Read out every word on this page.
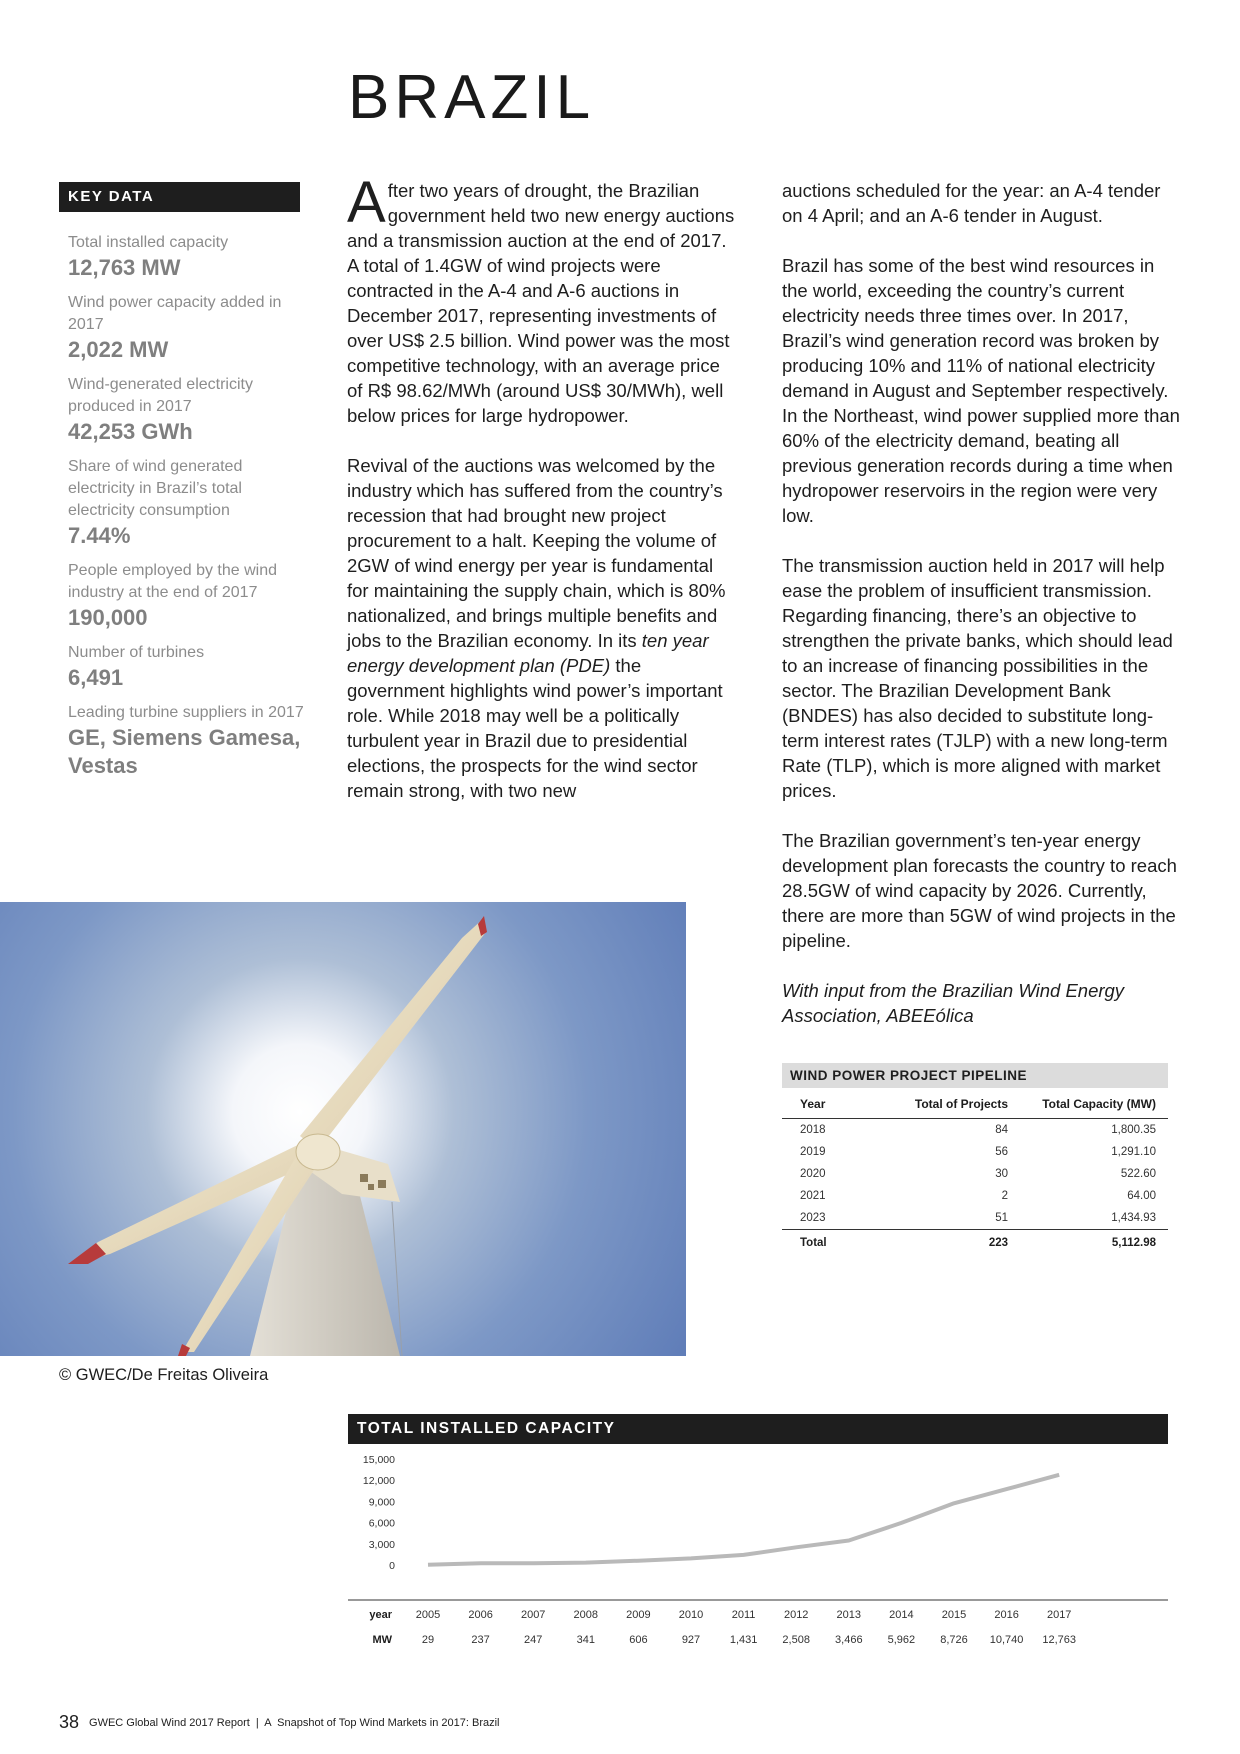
BRAZIL
KEY DATA
Total installed capacity
12,763 MW
Wind power capacity added in 2017
2,022 MW
Wind-generated electricity produced in 2017
42,253 GWh
Share of wind generated electricity in Brazil’s total electricity consumption
7.44%
People employed by the wind industry at the end of 2017
190,000
Number of turbines
6,491
Leading turbine suppliers in 2017
GE, Siemens Gamesa, Vestas

After two years of drought, the Brazilian government held two new energy auctions and a transmission auction at the end of 2017. A total of 1.4GW of wind projects were contracted in the A-4 and A-6 auctions in December 2017, representing investments of over US$ 2.5 billion. Wind power was the most competitive technology, with an average price of R$ 98.62/MWh (around US$ 30/MWh), well below prices for large hydropower.

Revival of the auctions was welcomed by the industry which has suffered from the country’s recession that had brought new project procurement to a halt. Keeping the volume of 2GW of wind energy per year is fundamental for maintaining the supply chain, which is 80% nationalized, and brings multiple benefits and jobs to the Brazilian economy. In its ten year energy development plan (PDE) the government highlights wind power’s important role. While 2018 may well be a politically turbulent year in Brazil due to presidential elections, the prospects for the wind sector remain strong, with two new

auctions scheduled for the year: an A-4 tender on 4 April; and an A-6 tender in August.

Brazil has some of the best wind resources in the world, exceeding the country’s current electricity needs three times over. In 2017, Brazil’s wind generation record was broken by producing 10% and 11% of national electricity demand in August and September respectively. In the Northeast, wind power supplied more than 60% of the electricity demand, beating all previous generation records during a time when hydropower reservoirs in the region were very low.

The transmission auction held in 2017 will help ease the problem of insufficient transmission. Regarding financing, there’s an objective to strengthen the private banks, which should lead to an increase of financing possibilities in the sector. The Brazilian Development Bank (BNDES) has also decided to substitute long-term interest rates (TJLP) with a new long-term Rate (TLP), which is more aligned with market prices.

The Brazilian government’s ten-year energy development plan forecasts the country to reach 28.5GW of wind capacity by 2026. Currently, there are more than 5GW of wind projects in the pipeline.

With input from the Brazilian Wind Energy Association, ABEEólica

© GWEC/De Freitas Oliveira
WIND POWER PROJECT PIPELINE
Year	Total of Projects	Total Capacity (MW)
2018	84	1,800.35
2019	56	1,291.10
2020	30	522.60
2021	2	64.00
2023	51	1,434.93
Total	223	5,112.98
TOTAL INSTALLED CAPACITY
0
3,000
6,000
9,000
12,000
15,000
year
MW
2005	2006	2007	2008	2009	2010	2011	2012	2013	2014	2015	2016	2017
29	237	247	341	606	927	1,431 2,508 3,466 5,962 8,726 10,740 12,763
38 GWEC Global Wind 2017 Report  |  A  Snapshot of Top Wind Markets in 2017: Brazil
